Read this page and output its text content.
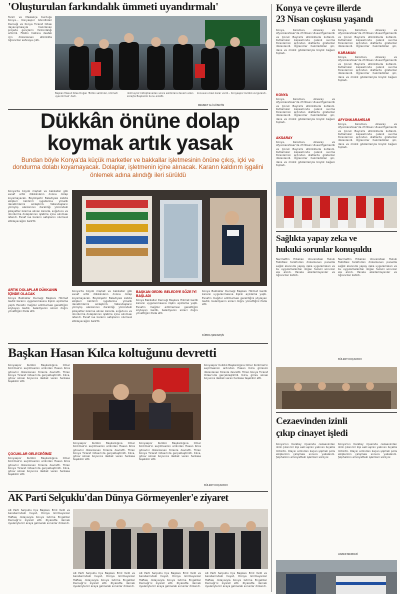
'Oluşturulan farkındalık ümmeti uyandırmalı'
Tarım ve Meslekçe Kurduğu Konya... Konyaspor Gönüllüleri Derneği ve Konya Ticaret Odası dayanışmasıyla hazırlanan projede gençlerin farkındalığı artırıldı. Filistin halkına destek için düzenlenen etkinlikte öğrenciler sahneye çıktı.
Başkan Mesud Köse Doğan 'Bütün saldırılar, ümmeti uyandırmalı' dedi.
dolmuş bir kütüphaneden sonra saldırılara devam eden süreçte Başkanlık bunu anlattı.
konusunu bazı karar verdi... Konyaspor kulübü vurgulandı.
MEHMET ALİ HÜSEYİN
Dükkân önüne dolap
koymak artık yasak
Bundan böyle Konya'da küçük marketler ve bakkallar işletmesinin önüne çıkış, içki ve dondurma dolabı koyamayacak. Dolaplar, işletmenin içine alınacak. Kararın kaldırım işgalini önlemek adına alındığı ileri sürüldü
Konya'da büyük market ve bakkallar gibi esnaf artık dükkânların önüne dolap koyamayacak. Büyükşehir Belediyesi zabıta ekipleri kaldırım işgallerine yönelik denetimlerini sıklaştırdı. Vatandaşların yürüyüş alanlarının daraldığı yönündeki şikayetler üzerine alınan kararla, soğutucu ve dondurma dolaplarının işletme içine alınması istendi. Esnaf ise kararın satışlarını olumsuz etkileyeceğini belirtti.
ARTIK DOLAPLAR DÜKKANIN İÇİNDE OLACAK
Konya Bakkallar Derneği Başkanı Hikmet Gedik kararın uygulanmasına ilişkin açıklama yaptı. Esnafın mağdur edilmemesi gerektiğini söyleyen Gedik, belediyenin süreci doğru yönettiğini ifade etti.
Konya'da büyük market ve bakkallar gibi esnaf artık dükkânların önüne dolap koyamayacak. Büyükşehir Belediyesi zabıta ekipleri kaldırım işgallerine yönelik denetimlerini sıklaştırdı. Vatandaşların yürüyüş alanlarının daraldığı yönündeki şikayetler üzerine alınan kararla, soğutucu ve dondurma dolaplarının işletme içine alınması istendi. Esnaf ise kararın satışlarını olumsuz etkileyeceğini belirtti.
BAŞKAN GEDİK: BELEDİYE SÖZE İYİ BAŞLADI
Konya Bakkallar Derneği Başkanı Hikmet Gedik kararın uygulanmasına ilişkin açıklama yaptı. Esnafın mağdur edilmemesi gerektiğini söyleyen Gedik, belediyenin süreci doğru yönettiğini ifade etti.
Konya Bakkallar Derneği Başkanı Hikmet Gedik kararın uygulanmasına ilişkin açıklama yaptı. Esnafın mağdur edilmemesi gerektiğini söyleyen Gedik, belediyenin süreci doğru yönettiğini ifade etti.
KÜBRA ŞEN/ARŞİV
Başkan Hasan Kılca koltuğunu devretti
Konyaspor Kulübü Başkanlığına Ömer Korkmaz'ın seçilmesinin ardından Hasan Kılca görevini düzenlenen törenle devretti. Tören Konya Ticaret Odası'nda gerçekleştirildi. Kılca, görev süresi boyunca destek veren herkese teşekkür etti.
ÇOCUKLAR GELECEĞİMİZ
Konyaspor Kulübü Başkanlığına Ömer Korkmaz'ın seçilmesinin ardından Hasan Kılca görevini düzenlenen törenle devretti. Tören Konya Ticaret Odası'nda gerçekleştirildi. Kılca, görev süresi boyunca destek veren herkese teşekkür etti.
Konyaspor Kulübü Başkanlığına Ömer Korkmaz'ın seçilmesinin ardından Hasan Kılca görevini düzenlenen törenle devretti. Tören Konya Ticaret Odası'nda gerçekleştirildi. Kılca, görev süresi boyunca destek veren herkese teşekkür etti.
BÜLENT KOÇAKBAY
Konyaspor Kulübü Başkanlığına Ömer Korkmaz'ın seçilmesinin ardından Hasan Kılca görevini düzenlenen törenle devretti. Tören Konya Ticaret Odası'nda gerçekleştirildi. Kılca, görev süresi boyunca destek veren herkese teşekkür etti.
Konyaspor Kulübü Başkanlığına Ömer Korkmaz'ın seçilmesinin ardından Hasan Kılca görevini düzenlenen törenle devretti. Tören Konya Ticaret Odası'nda gerçekleştirildi. Kılca, görev süresi boyunca destek veren herkese teşekkür etti.
AK Parti Selçuklu'dan Dünya Görmeyenler'e ziyaret
AK Parti Selçuklu İlçe Başkanı Emil Yedil ve beraberindeki heyet, Dünya Görmeyenler Haftası dolayısıyla Konya Görme Engelliler Derneği'ni ziyaret etti. Ziyarette dernek üyeleriyle bir araya gelinerek sorunlar dinlendi.
AK Parti Selçuklu İlçe Başkanı Emil Yedil ve beraberindeki heyet, Dünya Görmeyenler Haftası dolayısıyla Konya Görme Engelliler Derneği'ni ziyaret etti. Ziyarette dernek üyeleriyle bir araya gelinerek sorunlar dinlendi.
AK Parti Selçuklu İlçe Başkanı Emil Yedil ve beraberindeki heyet, Dünya Görmeyenler Haftası dolayısıyla Konya Görme Engelliler Derneği'ni ziyaret etti. Ziyarette dernek üyeleriyle bir araya gelinerek sorunlar dinlendi.
AK Parti Selçuklu İlçe Başkanı Emil Yedil ve beraberindeki heyet, Dünya Görmeyenler Haftası dolayısıyla Konya Görme Engelliler Derneği'ni ziyaret etti. Ziyarette dernek üyeleriyle bir araya gelinerek sorunlar dinlendi.
Konya ve çevre illerde
23 Nisan coşkusu yaşandı
Konya, Karaman, Aksaray ve Afyonkarahisar'da 23 Nisan Ulusal Egemenlik ve Çocuk Bayramı etkinliklerle kutlandı. Kutlamalar kapsamında çelenk sunma törenlerinin ardından statlarda gösteriler düzenlendi. Öğrenciler hazırladıkları şiir, dans ve müzik gösterileriyle büyük beğeni topladı.
KONYA
Konya, Karaman, Aksaray ve Afyonkarahisar'da 23 Nisan Ulusal Egemenlik ve Çocuk Bayramı etkinliklerle kutlandı. Kutlamalar kapsamında çelenk sunma törenlerinin ardından statlarda gösteriler düzenlendi. Öğrenciler hazırladıkları şiir, dans ve müzik gösterileriyle büyük beğeni topladı.
AKSARAY
Konya, Karaman, Aksaray ve Afyonkarahisar'da 23 Nisan Ulusal Egemenlik ve Çocuk Bayramı etkinliklerle kutlandı. Kutlamalar kapsamında çelenk sunma törenlerinin ardından statlarda gösteriler düzenlendi. Öğrenciler hazırladıkları şiir, dans ve müzik gösterileriyle büyük beğeni topladı.
Konya, Karaman, Aksaray ve Afyonkarahisar'da 23 Nisan Ulusal Egemenlik ve Çocuk Bayramı etkinliklerle kutlandı. Kutlamalar kapsamında çelenk sunma törenlerinin ardından statlarda gösteriler düzenlendi. Öğrenciler hazırladıkları şiir,
KARAMAN
Konya, Karaman, Aksaray ve Afyonkarahisar'da 23 Nisan Ulusal Egemenlik ve Çocuk Bayramı etkinliklerle kutlandı. Kutlamalar kapsamında çelenk sunma törenlerinin ardından statlarda gösteriler düzenlendi. Öğrenciler hazırladıkları şiir, dans ve müzik gösterileriyle büyük beğeni topladı.
AFYONKARAHİSAR
Konya, Karaman, Aksaray ve Afyonkarahisar'da 23 Nisan Ulusal Egemenlik ve Çocuk Bayramı etkinliklerle kutlandı. Kutlamalar kapsamında çelenk sunma törenlerinin ardından statlarda gösteriler düzenlendi. Öğrenciler hazırladıkları şiir, dans ve müzik gösterileriyle büyük beğeni topladı.
Sağlıkta yapay zeka ve
hukuki sorunlar konuşuldu
Necmettin Erbakan Üniversitesi Hukuk Fakültesi tarafından düzenlenen panelde sağlık alanında yapay zeka uygulamaları ve bu uygulamalardan doğan hukuki sorunlar ele alındı. Panele akademisyenler ve öğrenciler katıldı.
Necmettin Erbakan Üniversitesi Hukuk Fakültesi tarafından düzenlenen panelde sağlık alanında yapay zeka uygulamaları ve bu uygulamalardan doğan hukuki sorunlar ele alındı. Panele akademisyenler ve öğrenciler katıldı.
BÜLENT KOÇAKBAY
Cezaevinden izinli
çıkıp cinayet işledi
Konya'nın Karatay ilçesinde cezaevinden izinli çıkan bir kişi eski eşinin yakınını bıçakla öldürdü. Olayın ardından kaçan şüpheli polis ekiplerinin çalışması sonucu yakalandı. Şüphelinin emniyetteki işlemleri sürüyor.
Konya'nın Karatay ilçesinde cezaevinden izinli çıkan bir kişi eski eşinin yakınını bıçakla öldürdü. Olayın ardından kaçan şüpheli polis ekiplerinin çalışması sonucu yakalandı. Şüphelinin emniyetteki işlemleri sürüyor.
HABER MERKEZİ
